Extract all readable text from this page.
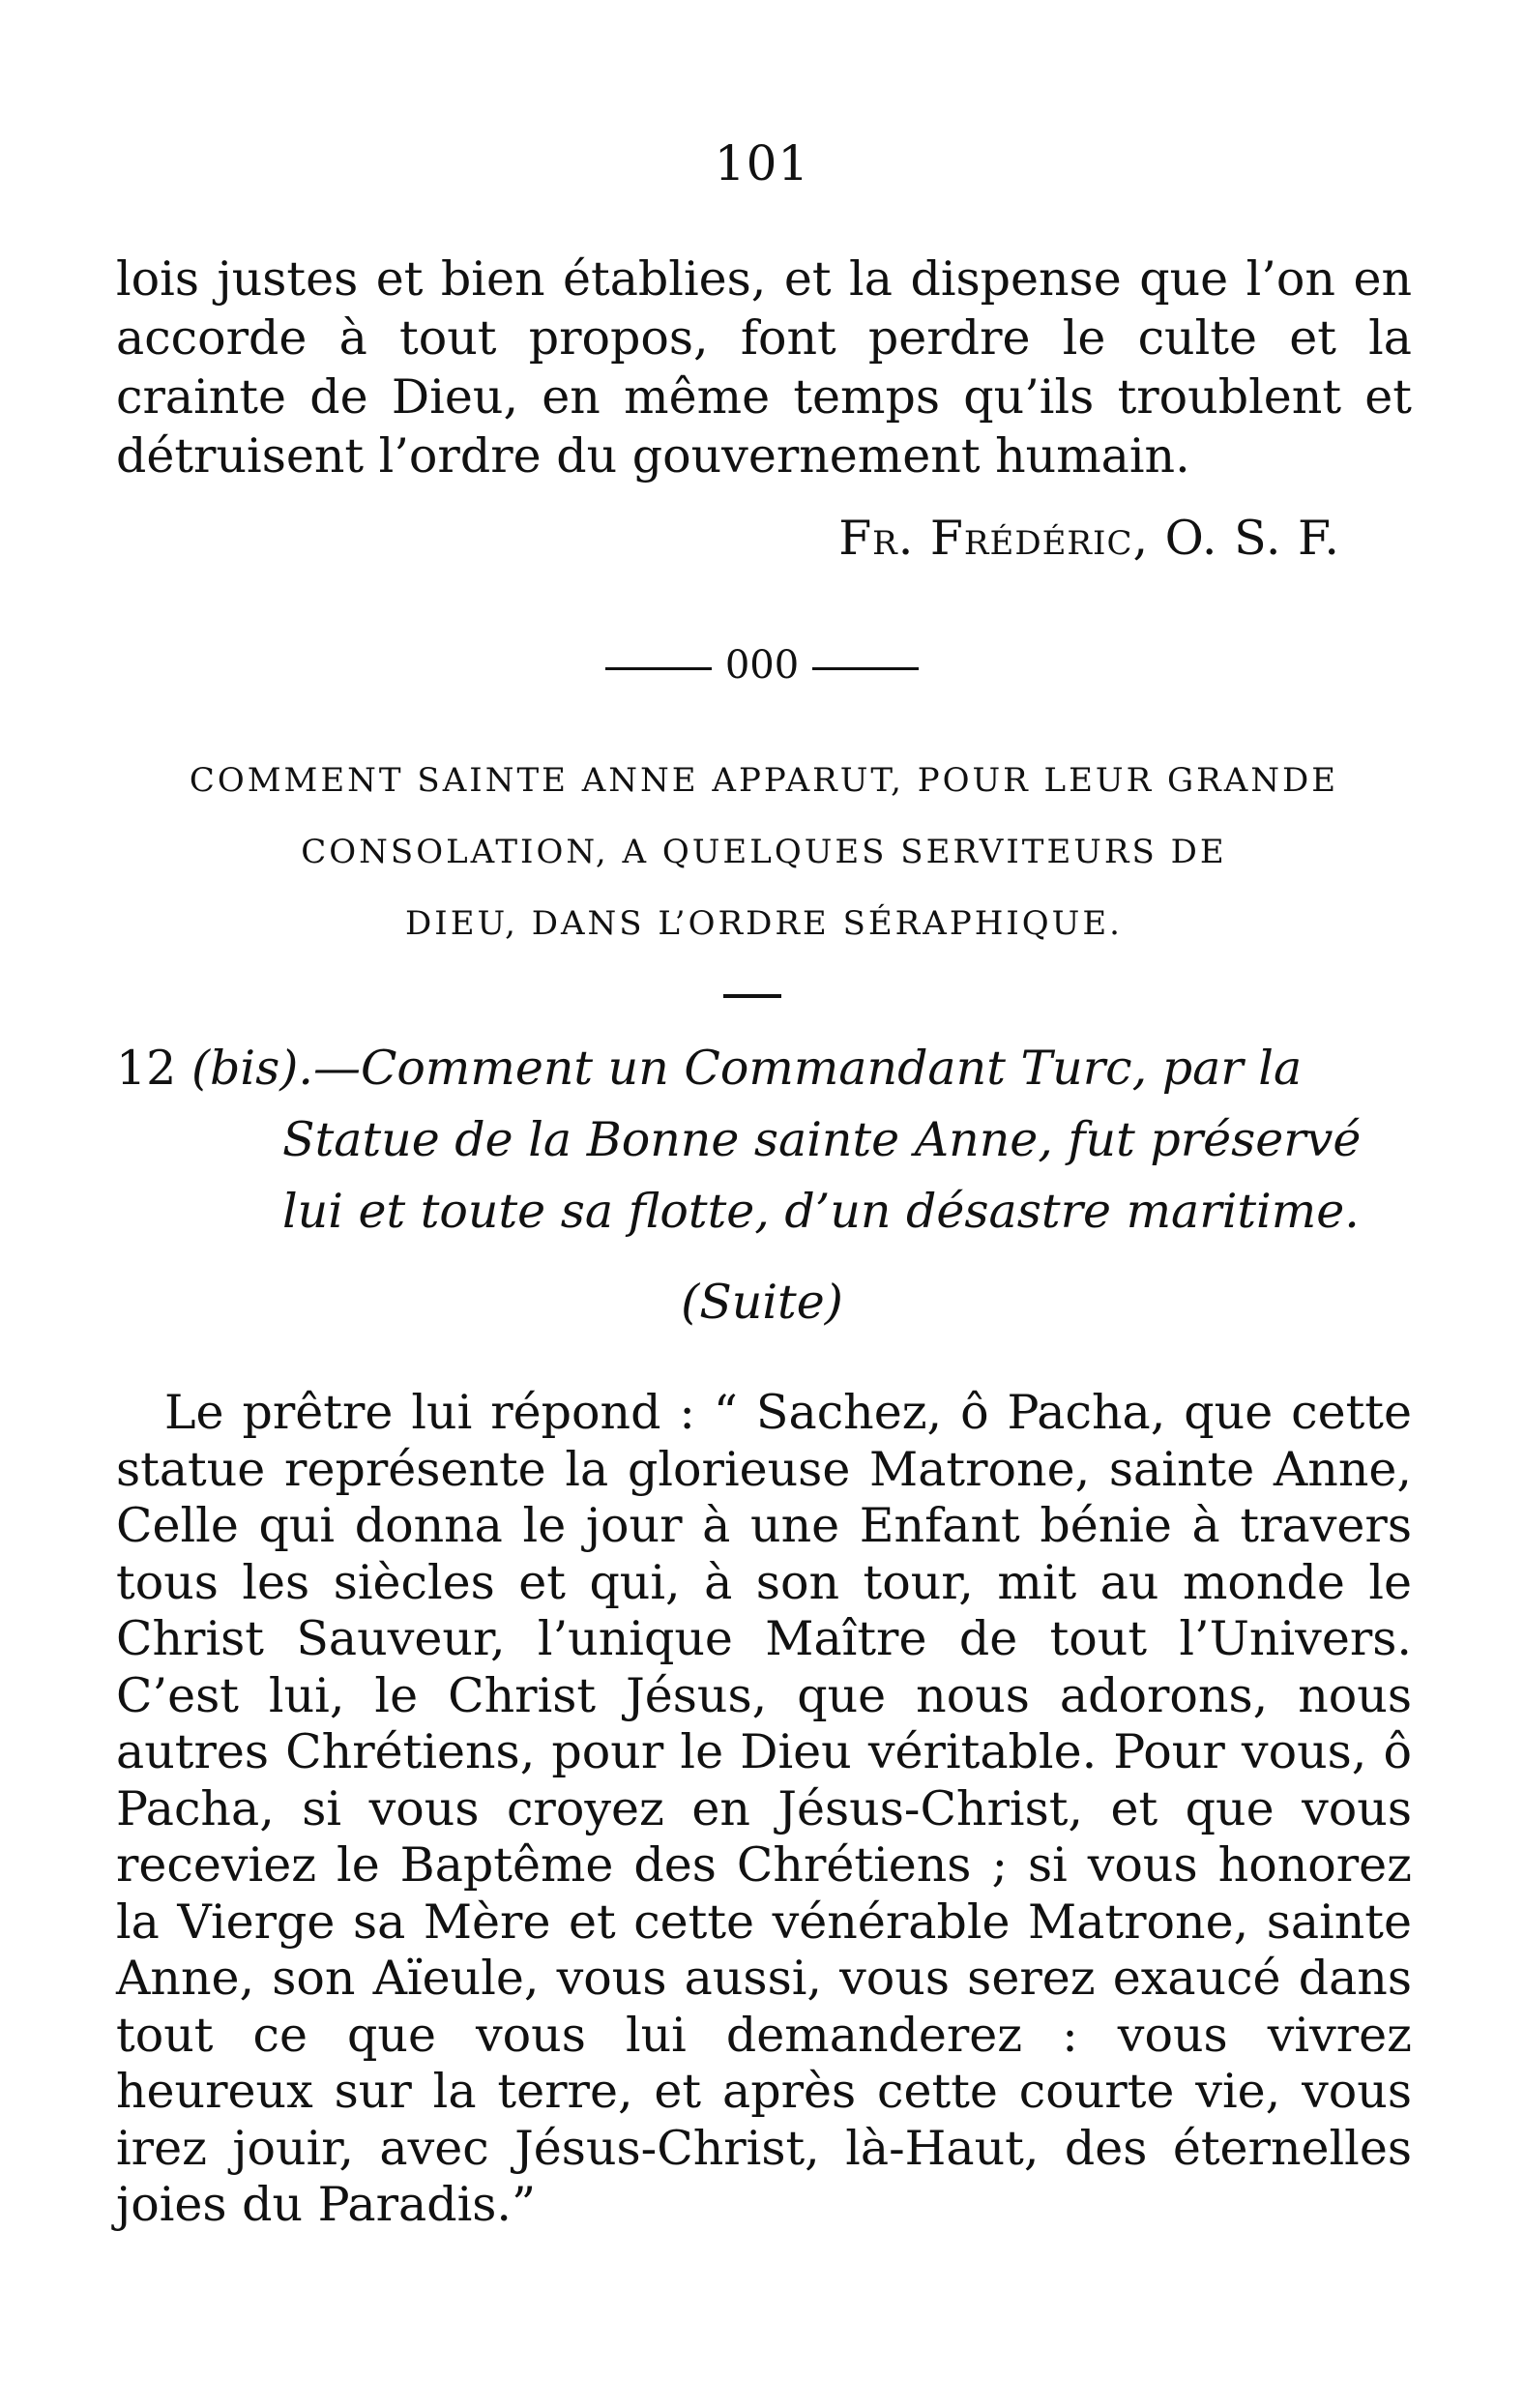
101

lois justes et bien établies, et la dispense que l’on en accorde à tout propos, font perdre le culte et la crainte de Dieu, en même temps qu’ils troublent et détruisent l’ordre du gouvernement humain.

Fr. Frédéric, O. S. F.
000
COMMENT SAINTE ANNE APPARUT, POUR LEUR GRANDE
CONSOLATION, A QUELQUES SERVITEURS DE
DIEU, DANS L’ORDRE SÉRAPHIQUE.
12 (bis).—Comment un Commandant Turc, par la
Statue de la Bonne sainte Anne, fut préservé
lui et toute sa flotte, d’un désastre maritime.
(Suite)

Le prêtre lui répond : “ Sachez, ô Pacha, que cette statue représente la glorieuse Matrone, sainte Anne, Celle qui donna le jour à une Enfant bénie à travers tous les siècles et qui, à son tour, mit au monde le Christ Sauveur, l’unique Maître de tout l’Univers. C’est lui, le Christ Jésus, que nous adorons, nous autres Chrétiens, pour le Dieu véritable. Pour vous, ô Pacha, si vous croyez en Jésus-Christ, et que vous receviez le Baptême des Chrétiens ; si vous honorez la Vierge sa Mère et cette vénérable Matrone, sainte Anne, son Aïeule, vous aussi, vous serez exaucé dans tout ce que vous lui demanderez : vous vivrez heureux sur la terre, et après cette courte vie, vous irez jouir, avec Jésus-Christ, là-Haut, des éternelles joies du Paradis.”
